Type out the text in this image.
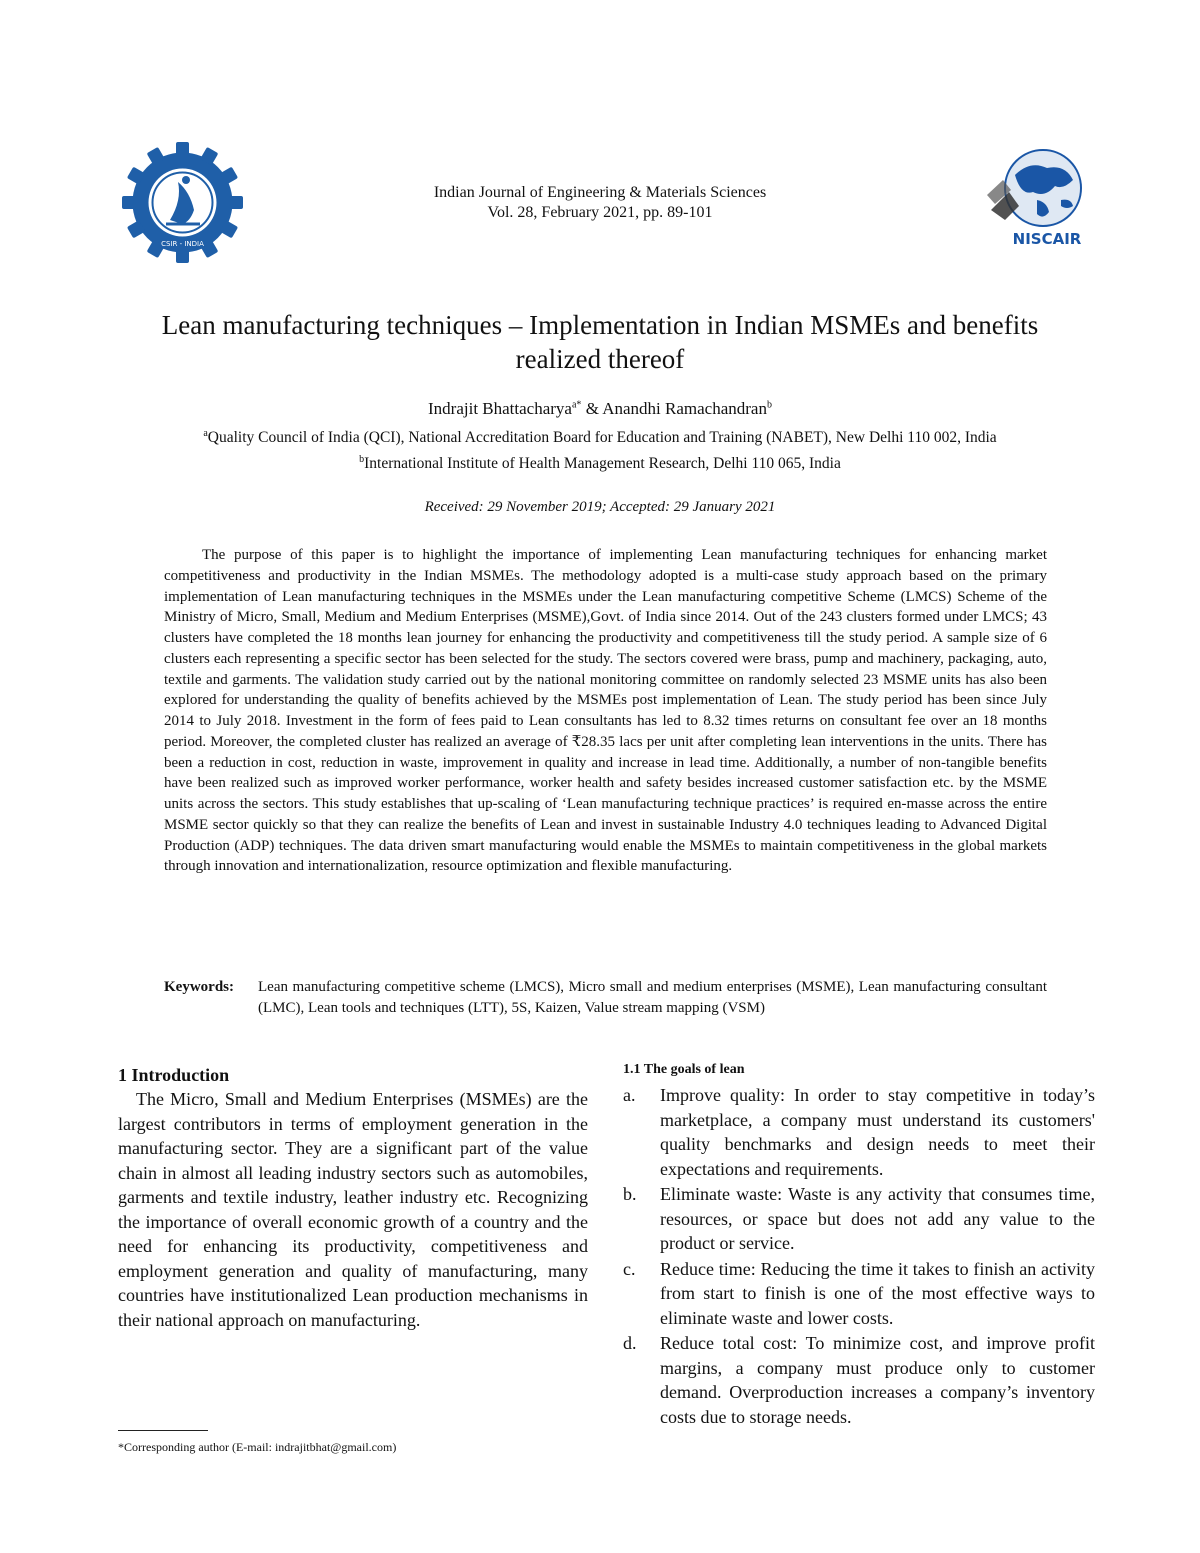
CSIR - INDIA
Indian Journal of Engineering & Materials Sciences
Vol. 28, February 2021, pp. 89-101
NISCAIR
Lean manufacturing techniques – Implementation in Indian MSMEs and benefits
realized thereof
Indrajit Bhattacharya$^{a*}$ & Anandhi Ramachandran$^b$
$^a$Quality Council of India (QCI), National Accreditation Board for Education and Training (NABET), New Delhi 110 002, India
$^b$International Institute of Health Management Research, Delhi 110 065, India
Received: 29 November 2019; Accepted: 29 January 2021

The purpose of this paper is to highlight the importance of implementing Lean manufacturing techniques for enhancing market competitiveness and productivity in the Indian MSMEs. The methodology adopted is a multi-case study approach based on the primary implementation of Lean manufacturing techniques in the MSMEs under the Lean manufacturing competitive Scheme (LMCS) Scheme of the Ministry of Micro, Small, Medium and Medium Enterprises (MSME),Govt. of India since 2014. Out of the 243 clusters formed under LMCS; 43 clusters have completed the 18 months lean journey for enhancing the productivity and competitiveness till the study period. A sample size of 6 clusters each representing a specific sector has been selected for the study. The sectors covered were brass, pump and machinery, packaging, auto, textile and garments. The validation study carried out by the national monitoring committee on randomly selected 23 MSME units has also been explored for understanding the quality of benefits achieved by the MSMEs post implementation of Lean. The study period has been since July 2014 to July 2018. Investment in the form of fees paid to Lean consultants has led to 8.32 times returns on consultant fee over an 18 months period. Moreover, the completed cluster has realized an average of ₹28.35 lacs per unit after completing lean interventions in the units. There has been a reduction in cost, reduction in waste, improvement in quality and increase in lead time. Additionally, a number of non-tangible benefits have been realized such as improved worker performance, worker health and safety besides increased customer satisfaction etc. by the MSME units across the sectors. This study establishes that up-scaling of ‘Lean manufacturing technique practices’ is required en-masse across the entire MSME sector quickly so that they can realize the benefits of Lean and invest in sustainable Industry 4.0 techniques leading to Advanced Digital Production (ADP) techniques. The data driven smart manufacturing would enable the MSMEs to maintain competitiveness in the global markets through innovation and internationalization, resource optimization and flexible manufacturing.

Keywords: Lean manufacturing competitive scheme (LMCS), Micro small and medium enterprises (MSME), Lean manufacturing consultant (LMC), Lean tools and techniques (LTT), 5S, Kaizen, Value stream mapping (VSM)
1 Introduction

The Micro, Small and Medium Enterprises (MSMEs) are the largest contributors in terms of employment generation in the manufacturing sector. They are a significant part of the value chain in almost all leading industry sectors such as automobiles, garments and textile industry, leather industry etc. Recognizing the importance of overall economic growth of a country and the need for enhancing its productivity, competitiveness and employment generation and quality of manufacturing, many countries have institutionalized Lean production mechanisms in their national approach on manufacturing.

*Corresponding author (E-mail: indrajitbhat@gmail.com)
1.1 The goals of lean
a. Improve quality: In order to stay competitive in today’s marketplace, a company must understand its customers' quality benchmarks and design needs to meet their expectations and requirements.
b. Eliminate waste: Waste is any activity that consumes time, resources, or space but does not add any value to the product or service.
c. Reduce time: Reducing the time it takes to finish an activity from start to finish is one of the most effective ways to eliminate waste and lower costs.
d. Reduce total cost: To minimize cost, and improve profit margins, a company must produce only to customer demand. Overproduction increases a company’s inventory costs due to storage needs.
